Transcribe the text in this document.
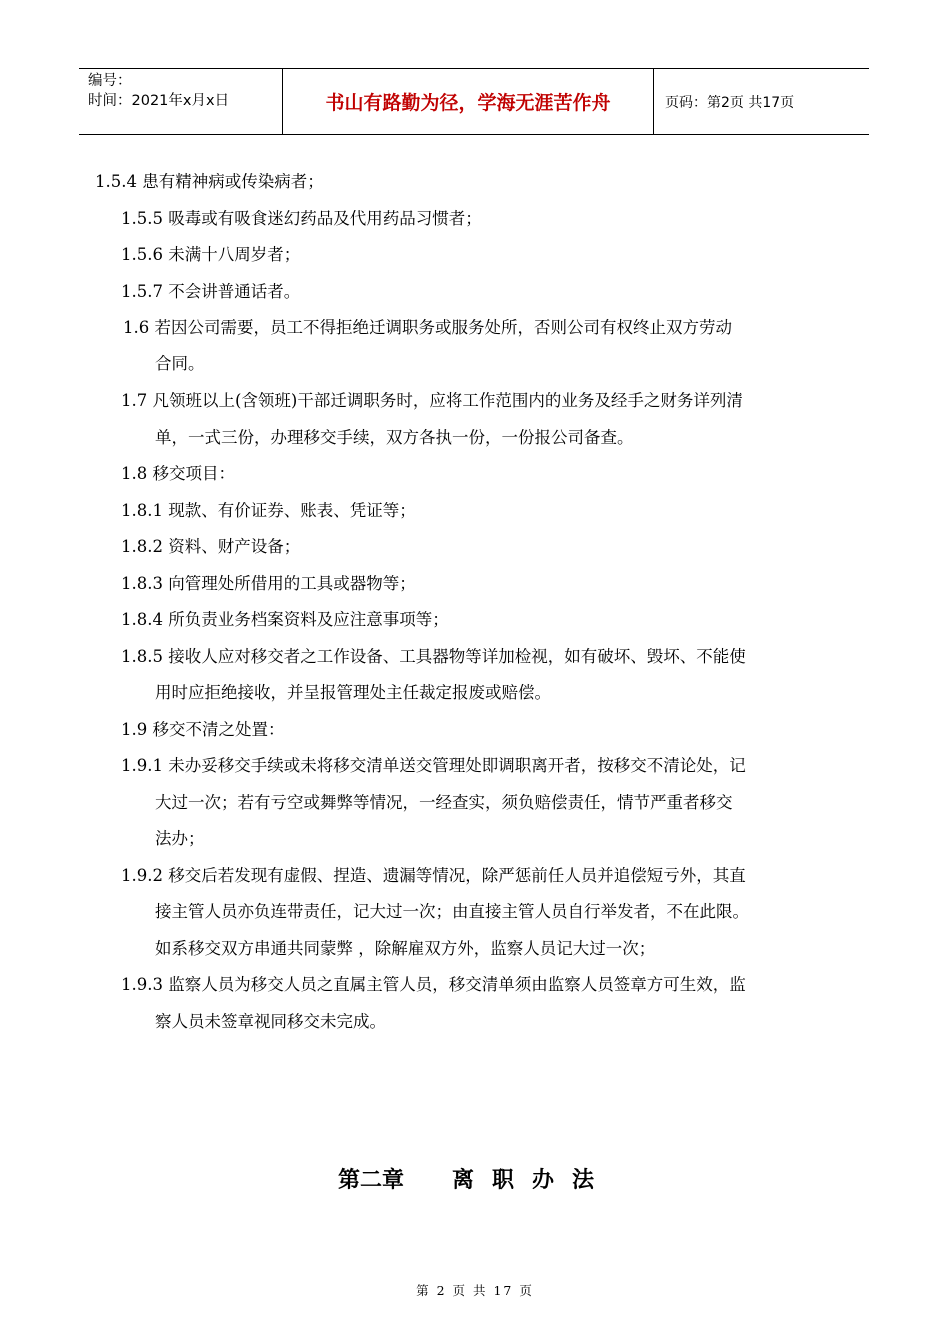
编号：
时间：2021年x月x日	书山有路勤为径，学海无涯苦作舟	页码：第2页 共17页
1.5.4 患有精神病或传染病者；
1.5.5 吸毒或有吸食迷幻药品及代用药品习惯者；
1.5.6 未满十八周岁者；
1.5.7 不会讲普通话者。
1.6 若因公司需要，员工不得拒绝迁调职务或服务处所，否则公司有权终止双方劳动
合同。
1.7 凡领班以上(含领班)干部迁调职务时，应将工作范围内的业务及经手之财务详列清
单，一式三份，办理移交手续，双方各执一份，一份报公司备查。
1.8 移交项目：
1.8.1 现款、有价证券、账表、凭证等；
1.8.2 资料、财产设备；
1.8.3 向管理处所借用的工具或器物等；
1.8.4 所负责业务档案资料及应注意事项等；
1.8.5 接收人应对移交者之工作设备、工具器物等详加检视，如有破坏、毁坏、不能使
用时应拒绝接收，并呈报管理处主任裁定报废或赔偿。
1.9 移交不清之处置：
1.9.1 未办妥移交手续或未将移交清单送交管理处即调职离开者，按移交不清论处，记
大过一次；若有亏空或舞弊等情况，一经查实，须负赔偿责任，情节严重者移交
法办；
1.9.2 移交后若发现有虚假、捏造、遗漏等情况，除严惩前任人员并追偿短亏外，其直
接主管人员亦负连带责任，记大过一次；由直接主管人员自行举发者，不在此限。
如系移交双方串通共同蒙弊 ，除解雇双方外，监察人员记大过一次；
1.9.3 监察人员为移交人员之直属主管人员，移交清单须由监察人员签章方可生效，监
察人员未签章视同移交未完成。
第二章 离职办法
第 2 页 共 17 页
